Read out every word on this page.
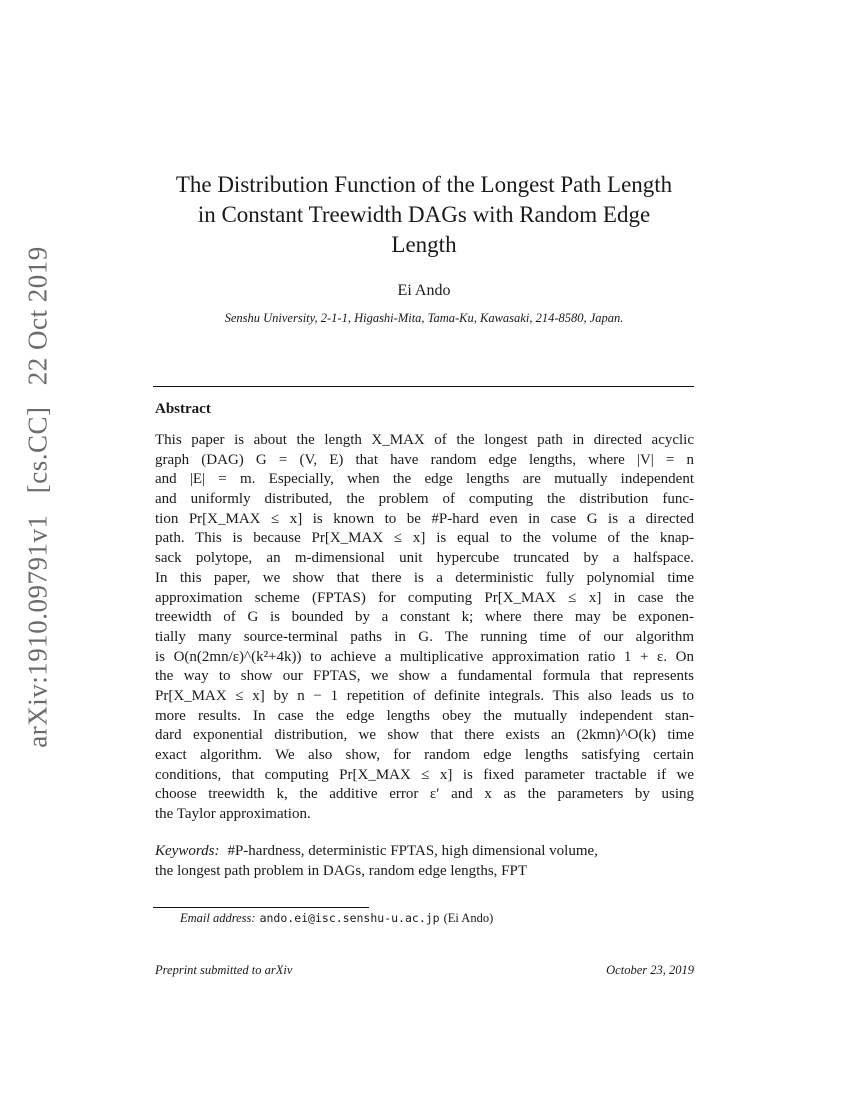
arXiv:1910.09791v1 [cs.CC] 22 Oct 2019
The Distribution Function of the Longest Path Length
in Constant Treewidth DAGs with Random Edge
Length

Ei Ando

Senshu University, 2-1-1, Higashi-Mita, Tama-Ku, Kawasaki, 214-8580, Japan.

Abstract
This paper is about the length X_MAX of the longest path in directed acyclic
graph (DAG) G = (V, E) that have random edge lengths, where |V| = n
and |E| = m. Especially, when the edge lengths are mutually independent
and uniformly distributed, the problem of computing the distribution func-
tion Pr[X_MAX ≤ x] is known to be #P-hard even in case G is a directed
path. This is because Pr[X_MAX ≤ x] is equal to the volume of the knap-
sack polytope, an m-dimensional unit hypercube truncated by a halfspace.
In this paper, we show that there is a deterministic fully polynomial time
approximation scheme (FPTAS) for computing Pr[X_MAX ≤ x] in case the
treewidth of G is bounded by a constant k; where there may be exponen-
tially many source-terminal paths in G. The running time of our algorithm
is O(n(2mn/ε)^(k²+4k)) to achieve a multiplicative approximation ratio 1 + ε. On
the way to show our FPTAS, we show a fundamental formula that represents
Pr[X_MAX ≤ x] by n − 1 repetition of definite integrals. This also leads us to
more results. In case the edge lengths obey the mutually independent stan-
dard exponential distribution, we show that there exists an (2kmn)^O(k) time
exact algorithm. We also show, for random edge lengths satisfying certain
conditions, that computing Pr[X_MAX ≤ x] is fixed parameter tractable if we
choose treewidth k, the additive error ε′ and x as the parameters by using
the Taylor approximation.
Keywords: #P-hardness, deterministic FPTAS, high dimensional volume,
the longest path problem in DAGs, random edge lengths, FPT

Email address: ando.ei@isc.senshu-u.ac.jp (Ei Ando)

Preprint submitted to arXiv	October 23, 2019
